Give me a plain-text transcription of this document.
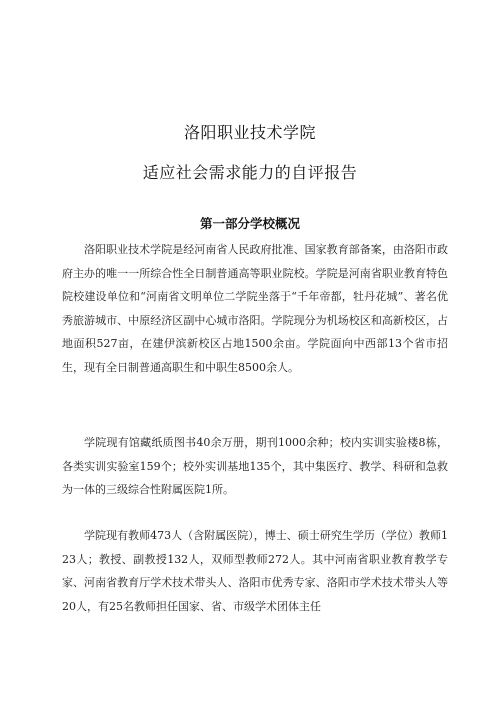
洛阳职业技术学院
适应社会需求能力的自评报告
第一部分学校概况

洛阳职业技术学院是经河南省人民政府批准、国家教育部备案，由洛阳市政府主办的唯一一所综合性全日制普通高等职业院校。学院是河南省职业教育特色院校建设单位和“河南省文明单位二学院坐落于“千年帝都，牡丹花城”、著名优秀旅游城市、中原经济区副中心城市洛阳。学院现分为机场校区和高新校区，占地面积527亩，在建伊滨新校区占地1500余亩。学院面向中西部13个省市招生，现有全日制普通高职生和中职生8500余人。

学院现有馆藏纸质图书40余万册，期刊1000余种；校内实训实验楼8栋，各类实训实验室159个；校外实训基地135个，其中集医疗、教学、科研和急救为一体的三级综合性附属医院1所。

学院现有教师473人（含附属医院），博士、硕士研究生学历（学位）教师123人；教授、副教授132人，双师型教师272人。其中河南省职业教育教学专家、河南省教育厅学术技术带头人、洛阳市优秀专家、洛阳市学术技术带头人等20人，有25名教师担任国家、省、市级学术团体主任
